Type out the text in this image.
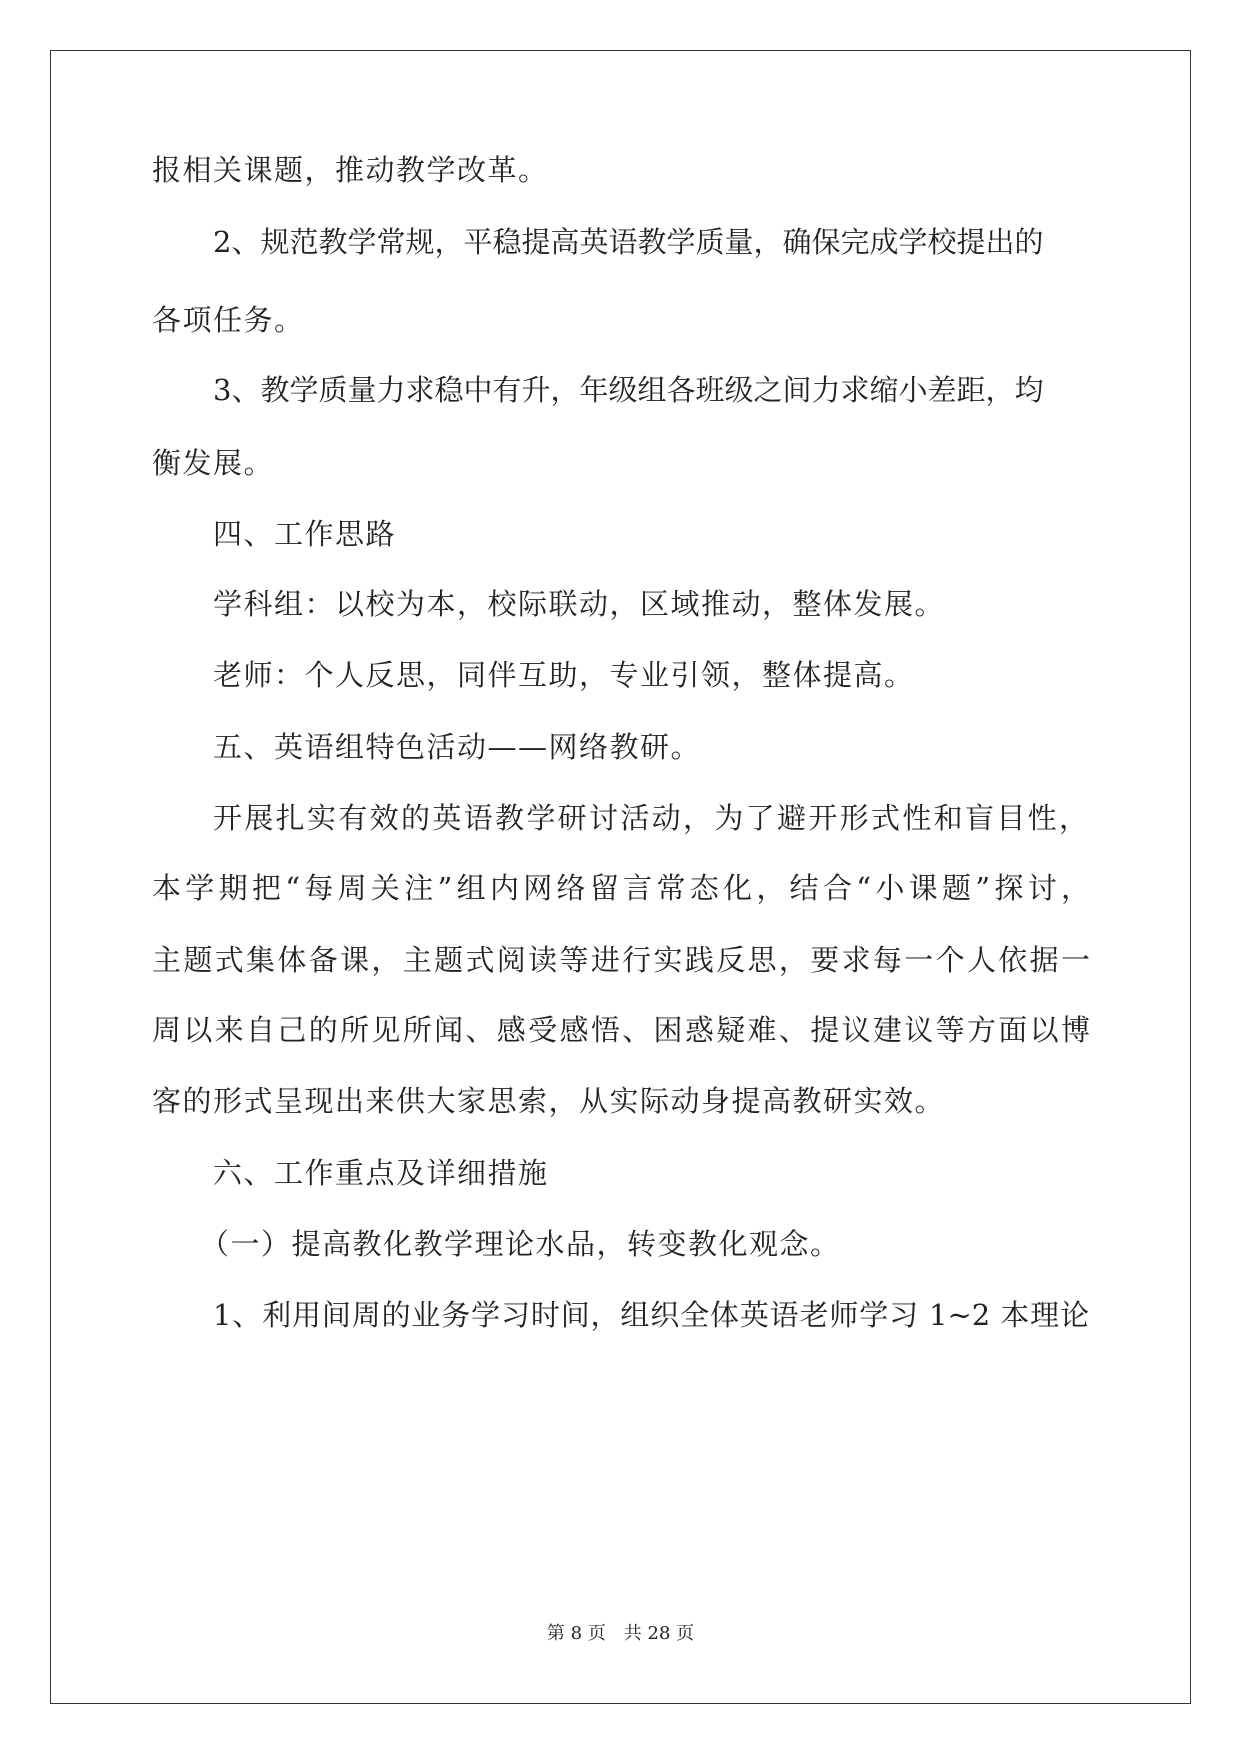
报相关课题，推动教学改革。
2、规范教学常规，平稳提高英语教学质量，确保完成学校提出的
各项任务。
3、教学质量力求稳中有升，年级组各班级之间力求缩小差距，均
衡发展。
四、工作思路
学科组：以校为本，校际联动，区域推动，整体发展。
老师：个人反思，同伴互助，专业引领，整体提高。
五、英语组特色活动——网络教研。
开展扎实有效的英语教学研讨活动，为了避开形式性和盲目性，
本学期把“每周关注”组内网络留言常态化，结合“小课题”探讨，
主题式集体备课，主题式阅读等进行实践反思，要求每一个人依据一
周以来自己的所见所闻、感受感悟、困惑疑难、提议建议等方面以博
客的形式呈现出来供大家思索，从实际动身提高教研实效。
六、工作重点及详细措施
（一）提高教化教学理论水品，转变教化观念。
1、利用间周的业务学习时间，组织全体英语老师学习 1~2 本理论
第 8 页　共 28 页
